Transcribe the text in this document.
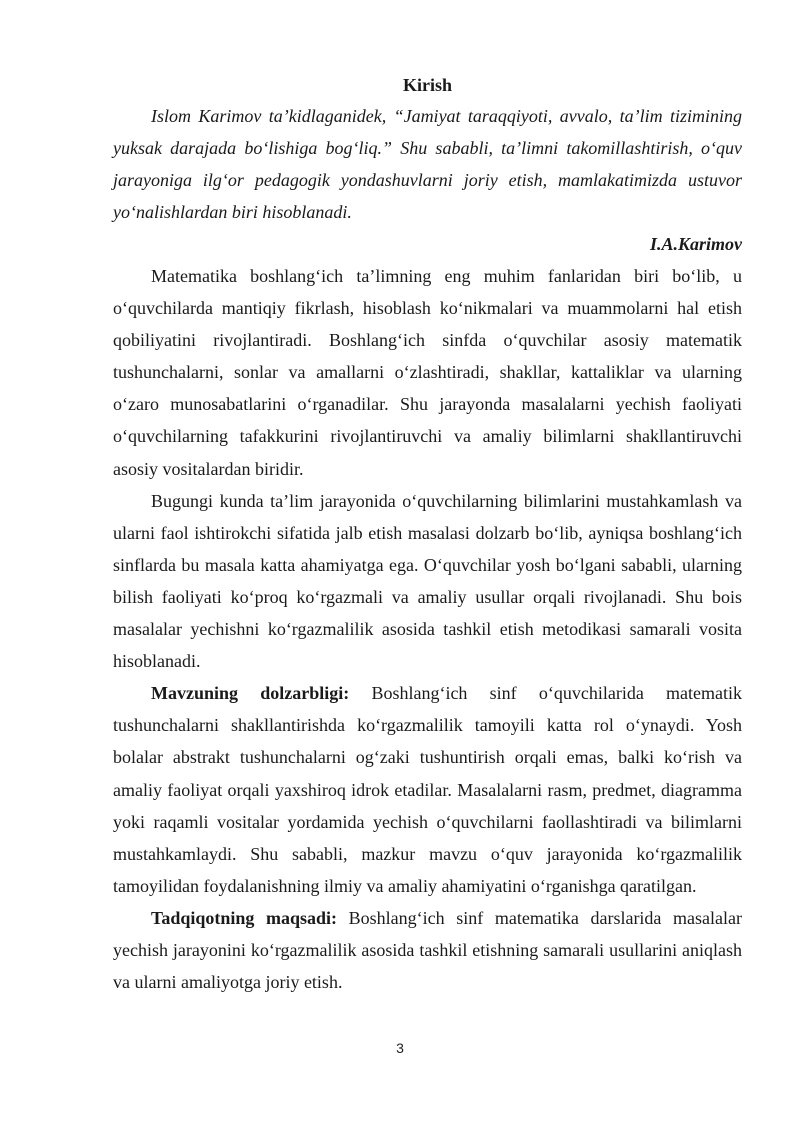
Kirish

Islom Karimov ta’kidlaganidek, “Jamiyat taraqqiyoti, avvalo, ta’lim tizimining yuksak darajada bo‘lishiga bog‘liq.” Shu sababli, ta’limni takomillashtirish, o‘quv jarayoniga ilg‘or pedagogik yondashuvlarni joriy etish, mamlakatimizda ustuvor yo‘nalishlardan biri hisoblanadi.

I.A.Karimov

Matematika boshlang‘ich ta’limning eng muhim fanlaridan biri bo‘lib, u o‘quvchilarda mantiqiy fikrlash, hisoblash ko‘nikmalari va muammolarni hal etish qobiliyatini rivojlantiradi. Boshlang‘ich sinfda o‘quvchilar asosiy matematik tushunchalarni, sonlar va amallarni o‘zlashtiradi, shakllar, kattaliklar va ularning o‘zaro munosabatlarini o‘rganadilar. Shu jarayonda masalalarni yechish faoliyati o‘quvchilarning tafakkurini rivojlantiruvchi va amaliy bilimlarni shakllantiruvchi asosiy vositalardan biridir.

Bugungi kunda ta’lim jarayonida o‘quvchilarning bilimlarini mustahkamlash va ularni faol ishtirokchi sifatida jalb etish masalasi dolzarb bo‘lib, ayniqsa boshlang‘ich sinflarda bu masala katta ahamiyatga ega. O‘quvchilar yosh bo‘lgani sababli, ularning bilish faoliyati ko‘proq ko‘rgazmali va amaliy usullar orqali rivojlanadi. Shu bois masalalar yechishni ko‘rgazmalilik asosida tashkil etish metodikasi samarali vosita hisoblanadi.

Mavzuning dolzarbligi: Boshlang‘ich sinf o‘quvchilarida matematik tushunchalarni shakllantirishda ko‘rgazmalilik tamoyili katta rol o‘ynaydi. Yosh bolalar abstrakt tushunchalarni og‘zaki tushuntirish orqali emas, balki ko‘rish va amaliy faoliyat orqali yaxshiroq idrok etadilar. Masalalarni rasm, predmet, diagramma yoki raqamli vositalar yordamida yechish o‘quvchilarni faollashtiradi va bilimlarni mustahkamlaydi. Shu sababli, mazkur mavzu o‘quv jarayonida ko‘rgazmalilik tamoyilidan foydalanishning ilmiy va amaliy ahamiyatini o‘rganishga qaratilgan.

Tadqiqotning maqsadi: Boshlang‘ich sinf matematika darslarida masalalar yechish jarayonini ko‘rgazmalilik asosida tashkil etishning samarali usullarini aniqlash va ularni amaliyotga joriy etish.

3
